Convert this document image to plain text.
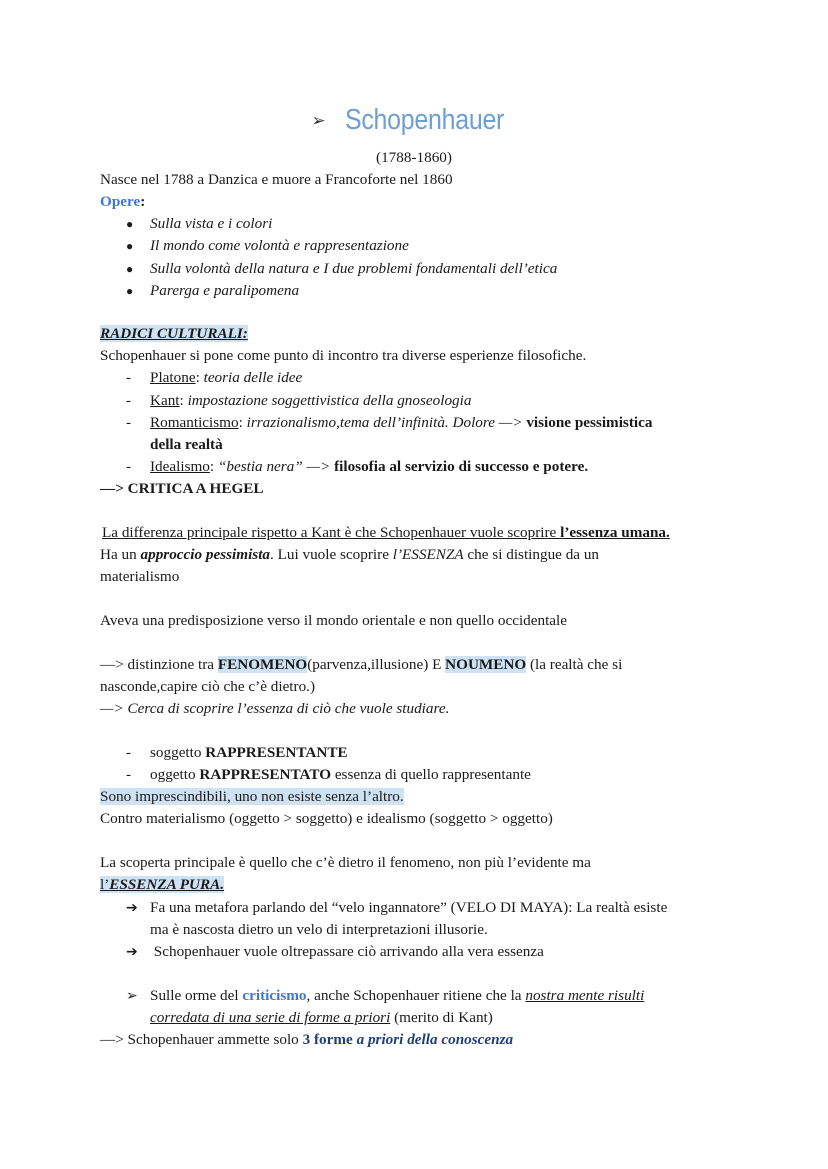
➢ Schopenhauer
(1788-1860)
Nasce nel 1788 a Danzica e muore a Francoforte nel 1860
Opere:
● Sulla vista e i colori
● Il mondo come volontà e rappresentazione
● Sulla volontà della natura e I due problemi fondamentali dell’etica
● Parerga e paralipomena
RADICI CULTURALI:
Schopenhauer si pone come punto di incontro tra diverse esperienze filosofiche.
- Platone: teoria delle idee
- Kant: impostazione soggettivistica della gnoseologia
- Romanticismo: irrazionalismo,tema dell’infinità. Dolore —> visione pessimistica
della realtà
- Idealismo: “bestia nera” —> filosofia al servizio di successo e potere.
—> CRITICA A HEGEL
La differenza principale rispetto a Kant è che Schopenhauer vuole scoprire l’essenza umana.
Ha un approccio pessimista. Lui vuole scoprire l’ESSENZA che si distingue da un
materialismo
Aveva una predisposizione verso il mondo orientale e non quello occidentale
—> distinzione tra FENOMENO(parvenza,illusione) E NOUMENO (la realtà che si
nasconde,capire ciò che c’è dietro.)
—> Cerca di scoprire l’essenza di ciò che vuole studiare.
- soggetto RAPPRESENTANTE
- oggetto RAPPRESENTATO essenza di quello rappresentante
Sono imprescindibili, uno non esiste senza l’altro.
Contro materialismo (oggetto > soggetto) e idealismo (soggetto > oggetto)
La scoperta principale è quello che c’è dietro il fenomeno, non più l’evidente ma
l’ESSENZA PURA.
➔ Fa una metafora parlando del “velo ingannatore” (VELO DI MAYA): La realtà esiste
ma è nascosta dietro un velo di interpretazioni illusorie.
➔ Schopenhauer vuole oltrepassare ciò arrivando alla vera essenza
➢ Sulle orme del criticismo, anche Schopenhauer ritiene che la nostra mente risulti
corredata di una serie di forme a priori (merito di Kant)
—> Schopenhauer ammette solo 3 forme a priori della conoscenza
